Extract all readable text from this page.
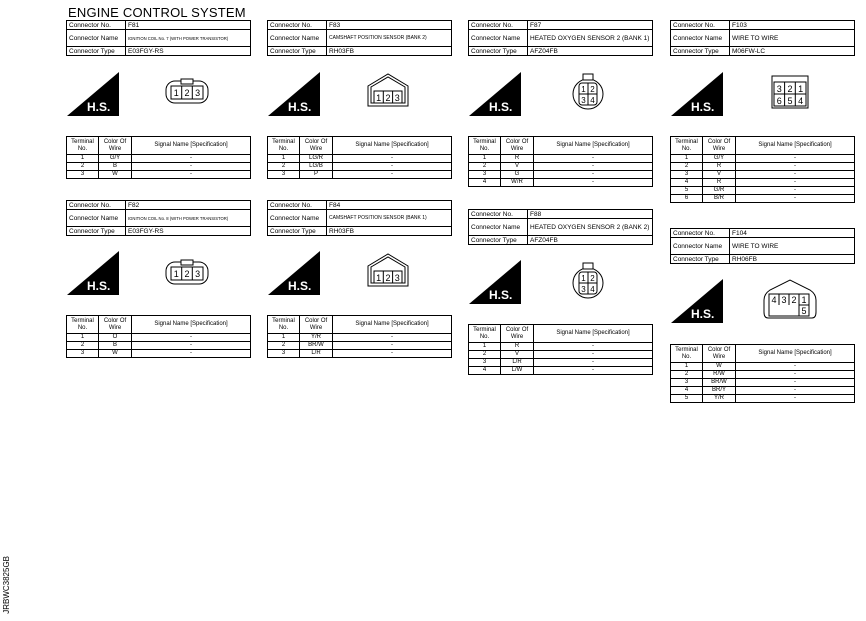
ENGINE CONTROL SYSTEM
Connector No.	F81
Connector Name	IGNITION COIL No. 7 (WITH POWER TRANSISTOR)
Connector Type	E03FGY-RS
Connector No.	F83
Connector Name	CAMSHAFT POSITION SENSOR (BANK 2)
Connector Type	RH03FB
Connector No.	F87
Connector Name	HEATED OXYGEN SENSOR 2 (BANK 1)
Connector Type	AFZ04FB
Connector No.	F103
Connector Name	WIRE TO WIRE
Connector Type	M06FW-LC
Connector No.	F82
Connector Name	IGNITION COIL No. 8 (WITH POWER TRANSISTOR)
Connector Type	E03FGY-RS
Connector No.	F84
Connector Name	CAMSHAFT POSITION SENSOR (BANK 1)
Connector Type	RH03FB
Connector No.	F88
Connector Name	HEATED OXYGEN SENSOR 2 (BANK 2)
Connector Type	AFZ04FB
Connector No.	F104
Connector Name	WIRE TO WIRE
Connector Type	RH06FB
H.S.	H.S.	H.S.	H.S.
H.S.	H.S.
H.S.
H.S.
1 2 3
1 2 3
1 2 3
1 2 3
1 2
3 4
1 2
3 4
3 2 1
6 5 4
4 3 2 1
5
Terminal No.	Color Of Wire	Signal Name [Specification]
1	G/Y	-
2	B	-
3	W	-
Terminal No.	Color Of Wire	Signal Name [Specification]
1	LG/R	-
2	LG/B	-
3	P	-
Terminal No.	Color Of Wire	Signal Name [Specification]
1	R	-
2	V	-
3	G	-
4	W/R	-
Terminal No.	Color Of Wire	Signal Name [Specification]
1	G/Y	-
2	R	-
3	V	-
4	R	-
5	G/R	-
6	B/R	-
Terminal No.	Color Of Wire	Signal Name [Specification]
1	O	-
2	B	-
3	W	-
Terminal No.	Color Of Wire	Signal Name [Specification]
1	Y/R	-
2	BR/W	-
3	L/R	-
Terminal No.	Color Of Wire	Signal Name [Specification]
1	R	-
2	V	-
3	L/R	-
4	L/W	-
Terminal No.	Color Of Wire	Signal Name [Specification]
1	W	-
2	R/W	-
3	BR/W	-
4	BR/Y	-
5	Y/R	-
JRBWC3825GB
